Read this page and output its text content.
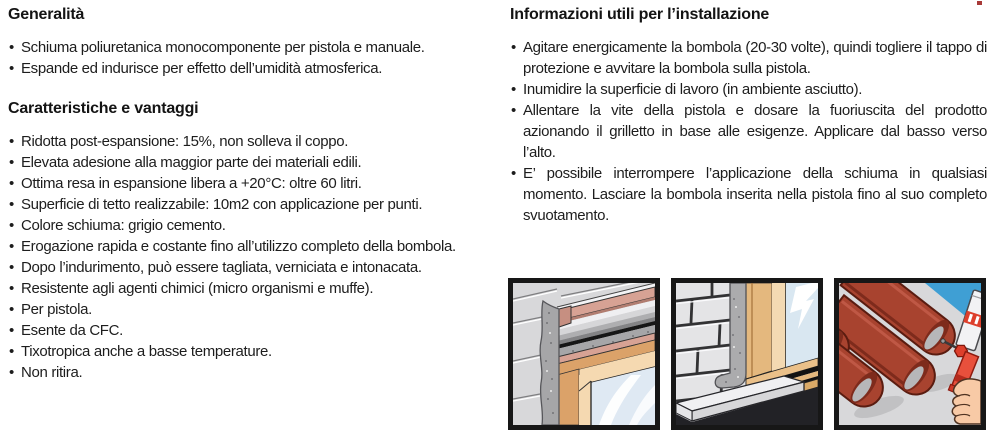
Generalità
• Schiuma poliuretanica monocomponente per pistola e manuale.
• Espande ed indurisce per effetto dell’umidità atmosferica.
Caratteristiche e vantaggi
• Ridotta post-espansione: 15%, non solleva il coppo.
• Elevata adesione alla maggior parte dei materiali edili.
• Ottima resa in espansione libera a +20°C: oltre 60 litri.
• Superficie di tetto realizzabile: 10m2 con applicazione per punti.
• Colore schiuma: grigio cemento.
• Erogazione rapida e costante fino all’utilizzo completo della bombola.
• Dopo l’indurimento, può essere tagliata, verniciata e intonacata.
• Resistente agli agenti chimici (micro organismi e muffe).
• Per pistola.
• Esente da CFC.
• Tixotropica anche a basse temperature.
• Non ritira.
Informazioni utili per l’installazione
• Agitare energicamente la bombola (20-30 volte), quindi togliere il tappo di protezione e avvitare la bombola sulla pistola.
• Inumidire la superficie di lavoro (in ambiente asciutto).
• Allentare la vite della pistola e dosare la fuoriuscita del prodotto azionando il grilletto in base alle esigenze. Applicare dal basso verso l’alto.
• E’ possibile interrompere l’applicazione della schiuma in qualsiasi momento. Lasciare la bombola inserita nella pistola fino al suo completo svuotamento.
